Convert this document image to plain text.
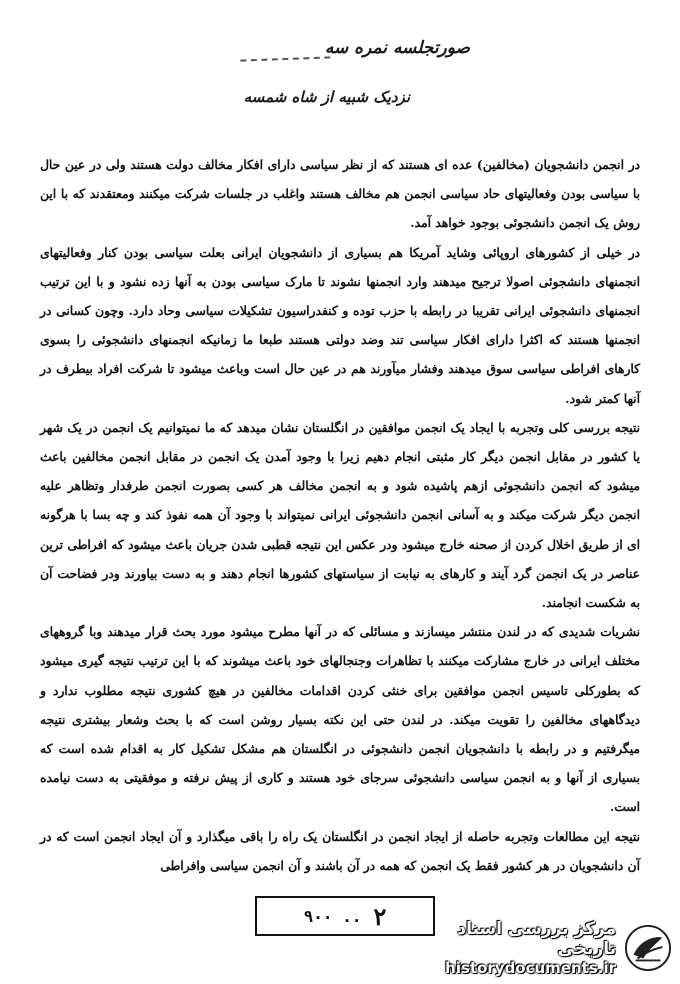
صورتجلسه نمره سه
نزدیک شبیه از شاه شمسه

در انجمن دانشجویان (مخالفین) عده ای هستند که از نظر سیاسی دارای افکار مخالف دولت هستند ولی در عین حال با سیاسی بودن وفعالیتهای حاد سیاسی انجمن هم مخالف هستند واغلب در جلسات شرکت میکنند ومعتقدند که با این روش یک انجمن دانشجوئی بوجود خواهد آمد.

در خیلی از کشورهای اروپائی وشاید آمریکا هم بسیاری از دانشجویان ایرانی بعلت سیاسی بودن کنار وفعالیتهای انجمنهای دانشجوئی اصولا ترجیح میدهند وارد انجمنها نشوند تا مارک سیاسی بودن به آنها زده نشود و با این ترتیب انجمنهای دانشجوئی ایرانی تقریبا در رابطه با حزب توده و کنفدراسیون تشکیلات سیاسی وحاد دارد. وچون کسانی در انجمنها هستند که اکثرا دارای افکار سیاسی تند وضد دولتی هستند طبعا ما زمانیکه انجمنهای دانشجوئی را بسوی کارهای افراطی سیاسی سوق میدهند وفشار میآورند هم در عین حال است وباعث میشود تا شرکت افراد بیطرف در آنها کمتر شود.

نتیجه بررسی کلی وتجربه با ایجاد یک انجمن موافقین در انگلستان نشان میدهد که ما نمیتوانیم یک انجمن در یک شهر یا کشور در مقابل انجمن دیگر کار مثبتی انجام دهیم زیرا با وجود آمدن یک انجمن در مقابل انجمن مخالفین باعث میشود که انجمن دانشجوئی ازهم پاشیده شود و به انجمن مخالف هر کسی بصورت انجمن طرفدار وتظاهر علیه انجمن دیگر شرکت میکند و به آسانی انجمن دانشجوئی ایرانی نمیتواند با وجود آن همه نفوذ کند و چه بسا با هرگونه ای از طریق اخلال کردن از صحنه خارج میشود ودر عکس این نتیجه قطبی شدن جریان باعث میشود که افراطی ترین عناصر در یک انجمن گرد آیند و کارهای به نیابت از سیاستهای کشورها انجام دهند و به دست بیاورند ودر فضاحت آن به شکست انجامند.

نشریات شدیدی که در لندن منتشر میسازند و مسائلی که در آنها مطرح میشود مورد بحث قرار میدهند وبا گروههای مختلف ایرانی در خارج مشارکت میکنند با تظاهرات وجنجالهای خود باعث میشوند که با این ترتیب نتیجه گیری میشود که بطورکلی تاسیس انجمن موافقین برای خنثی کردن اقدامات مخالفین در هیچ کشوری نتیجه مطلوب ندارد و دیدگاههای مخالفین را تقویت میکند. در لندن حتی این نکته بسیار روشن است که با بحث وشعار بیشتری نتیجه میگرفتیم و در رابطه با دانشجویان انجمن دانشجوئی در انگلستان هم مشکل تشکیل کار به اقدام شده است که بسیاری از آنها و به انجمن سیاسی دانشجوئی سرجای خود هستند و کاری از پیش نرفته و موفقیتی به دست نیامده است.

نتیجه این مطالعات وتجربه حاصله از ایجاد انجمن در انگلستان یک راه را باقی میگذارد و آن ایجاد انجمن است که در آن دانشجویان در هر کشور فقط یک انجمن که همه در آن باشند و آن انجمن سیاسی وافراطی

۹۰۰ .. ۲	مرکز بررسی اسناد تاریخی
historydocuments.ir
